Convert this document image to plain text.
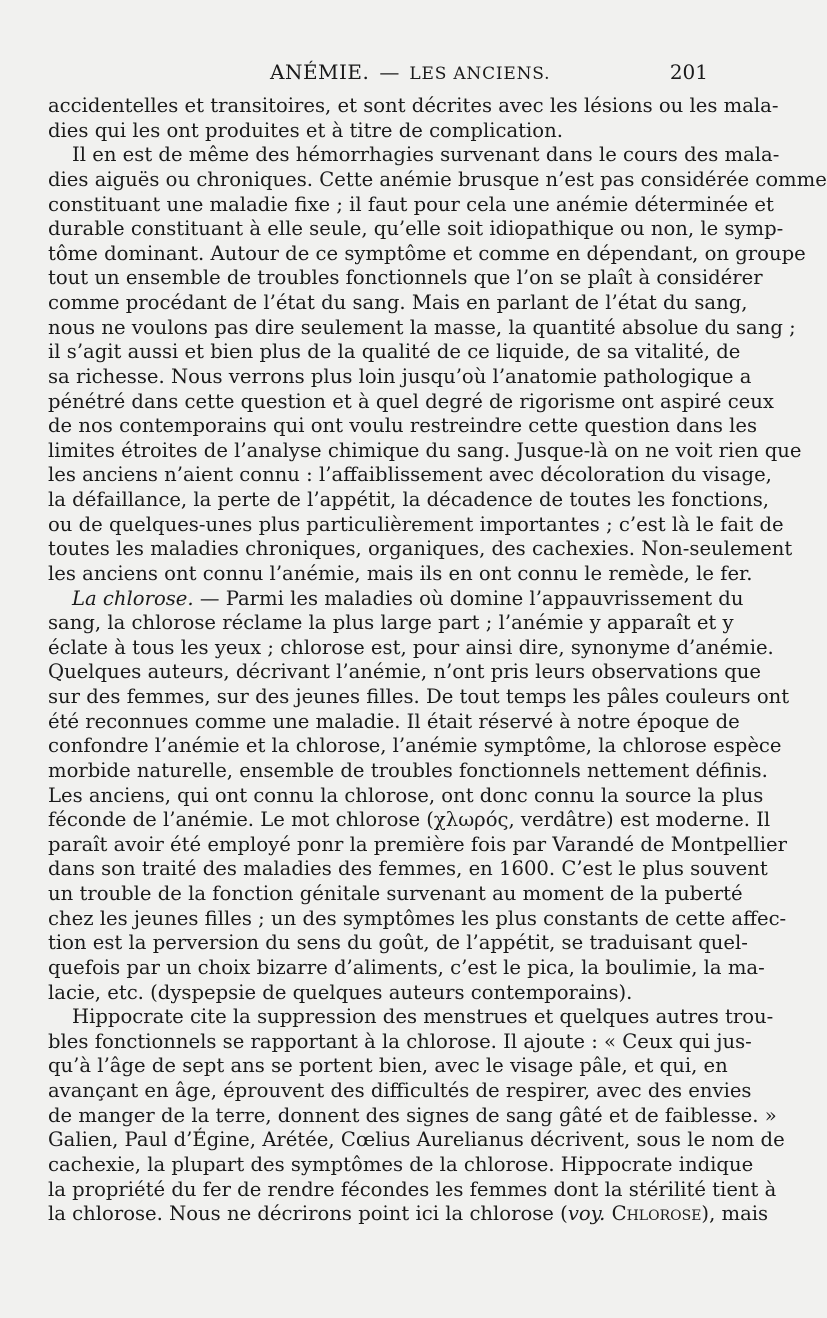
ANÉMIE. — LES ANCIENS.	201

accidentelles et transitoires, et sont décrites avec les lésions ou les mala-

dies qui les ont produites et à titre de complication.

Il en est de même des hémorrhagies survenant dans le cours des mala-

dies aiguës ou chroniques. Cette anémie brusque n’est pas considérée comme

constituant une maladie fixe ; il faut pour cela une anémie déterminée et

durable constituant à elle seule, qu’elle soit idiopathique ou non, le symp-

tôme dominant. Autour de ce symptôme et comme en dépendant, on groupe

tout un ensemble de troubles fonctionnels que l’on se plaît à considérer

comme procédant de l’état du sang. Mais en parlant de l’état du sang,

nous ne voulons pas dire seulement la masse, la quantité absolue du sang ;

il s’agit aussi et bien plus de la qualité de ce liquide, de sa vitalité, de

sa richesse. Nous verrons plus loin jusqu’où l’anatomie pathologique a

pénétré dans cette question et à quel degré de rigorisme ont aspiré ceux

de nos contemporains qui ont voulu restreindre cette question dans les

limites étroites de l’analyse chimique du sang. Jusque-là on ne voit rien que

les anciens n’aient connu : l’affaiblissement avec décoloration du visage,

la défaillance, la perte de l’appétit, la décadence de toutes les fonctions,

ou de quelques-unes plus particulièrement importantes ; c’est là le fait de

toutes les maladies chroniques, organiques, des cachexies. Non-seulement

les anciens ont connu l’anémie, mais ils en ont connu le remède, le fer.

La chlorose. — Parmi les maladies où domine l’appauvrissement du

sang, la chlorose réclame la plus large part ; l’anémie y apparaît et y

éclate à tous les yeux ; chlorose est, pour ainsi dire, synonyme d’anémie.

Quelques auteurs, décrivant l’anémie, n’ont pris leurs observations que

sur des femmes, sur des jeunes filles. De tout temps les pâles couleurs ont

été reconnues comme une maladie. Il était réservé à notre époque de

confondre l’anémie et la chlorose, l’anémie symptôme, la chlorose espèce

morbide naturelle, ensemble de troubles fonctionnels nettement définis.

Les anciens, qui ont connu la chlorose, ont donc connu la source la plus

féconde de l’anémie. Le mot chlorose (χλωρός, verdâtre) est moderne. Il

paraît avoir été employé ponr la première fois par Varandé de Montpellier

dans son traité des maladies des femmes, en 1600. C’est le plus souvent

un trouble de la fonction génitale survenant au moment de la puberté

chez les jeunes filles ; un des symptômes les plus constants de cette affec-

tion est la perversion du sens du goût, de l’appétit, se traduisant quel-

quefois par un choix bizarre d’aliments, c’est le pica, la boulimie, la ma-

lacie, etc. (dyspepsie de quelques auteurs contemporains).

Hippocrate cite la suppression des menstrues et quelques autres trou-

bles fonctionnels se rapportant à la chlorose. Il ajoute : « Ceux qui jus-

qu’à l’âge de sept ans se portent bien, avec le visage pâle, et qui, en

avançant en âge, éprouvent des difficultés de respirer, avec des envies

de manger de la terre, donnent des signes de sang gâté et de faiblesse. »

Galien, Paul d’Égine, Arétée, Cœlius Aurelianus décrivent, sous le nom de

cachexie, la plupart des symptômes de la chlorose. Hippocrate indique

la propriété du fer de rendre fécondes les femmes dont la stérilité tient à

la chlorose. Nous ne décrirons point ici la chlorose (voy. Chlorose), mais
